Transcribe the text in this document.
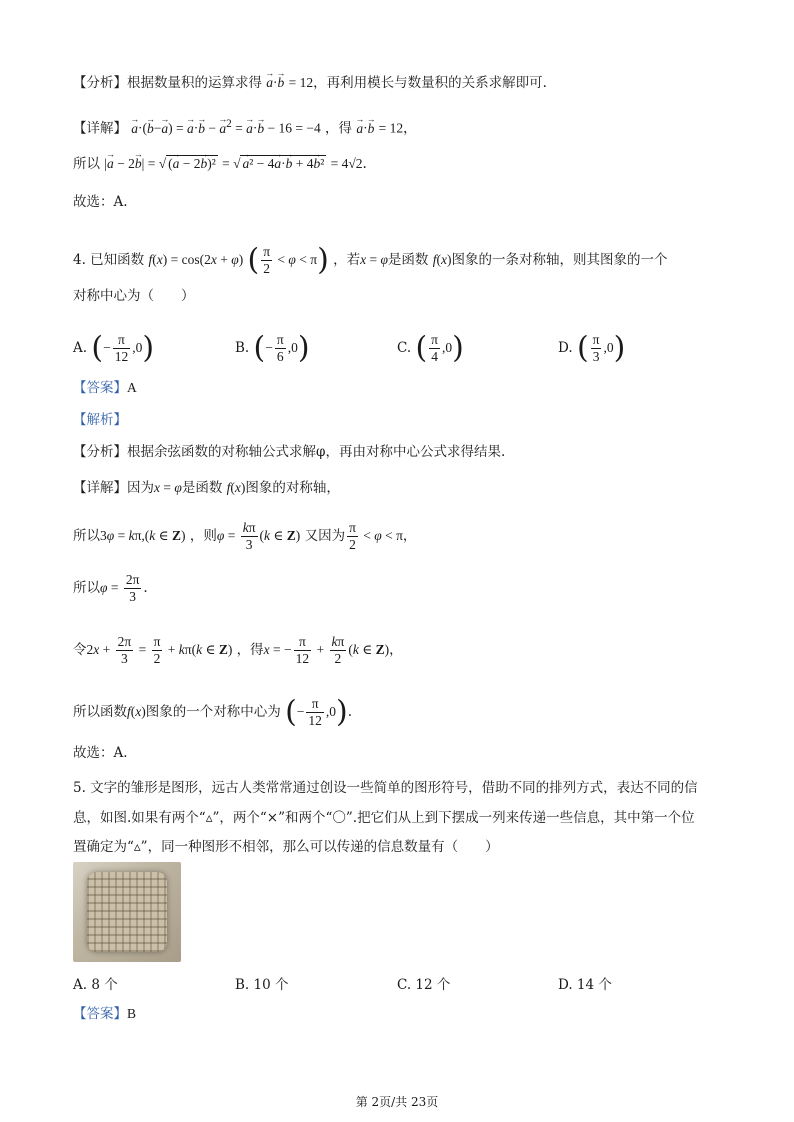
【分析】根据数量积的运算求得 → a·→ b = 12，再利用模长与数量积的关系求解即可.
【详解】 → a·(→ b−→ a) = → a·→ b − → $a^2$ = → a·→ b − 16 = −4 ，得 → a·→ b = 12，
所以 |→ a − 2→ b| = √ (→ a − 2→ b)² = √ → a² − 4→ a·→ b + 4→ b² = 4√2.
故选：A.
4. 已知函数 f(x) = cos(2x + φ) ( $\frac{\pi}{2} < \varphi < \pi$) ，若x = φ是函数 f(x)图象的一条对称轴，则其图象的一个
对称中心为（　　）
A. (− $\frac{\pi}{12} ,0$)	B. (− $\frac{\pi}{6} ,0$)	C. ( $\frac{\pi}{4} ,0$)	D. ( $\frac{\pi}{3} ,0$)
【答案】A
【解析】
【分析】根据余弦函数的对称轴公式求解φ，再由对称中心公式求得结果.
【详解】因为x = φ是函数 f(x)图象的对称轴，
所以3φ = kπ,(k ∈ Z) ，则$\varphi = \frac{k\pi}{3} (k$ ∈ Z) 又因为 $\frac{\pi}{2} < \varphi < \pi$，
所以$\varphi = \frac{2\pi}{3}$ .
令$2x + \frac{2\pi}{3} = \frac{\pi}{2} + k\pi(k$ ∈ Z) ，得x = − $\frac{\pi}{12} + \frac{k\pi}{2} (k$ ∈ Z)，
所以函数f(x)图象的一个对称中心为 (− $\frac{\pi}{12} ,0$).
故选：A.
5. 文字的雏形是图形，远古人类常常通过创设一些简单的图形符号，借助不同的排列方式，表达不同的信
息，如图.如果有两个“▵”，两个“×”和两个“〇”.把它们从上到下摆成一列来传递一些信息，其中第一个位
置确定为“▵”，同一种图形不相邻，那么可以传递的信息数量有（　　）
A. 8 个	B. 10 个	C. 12 个	D. 14 个
【答案】B
第 2页/共 23页
